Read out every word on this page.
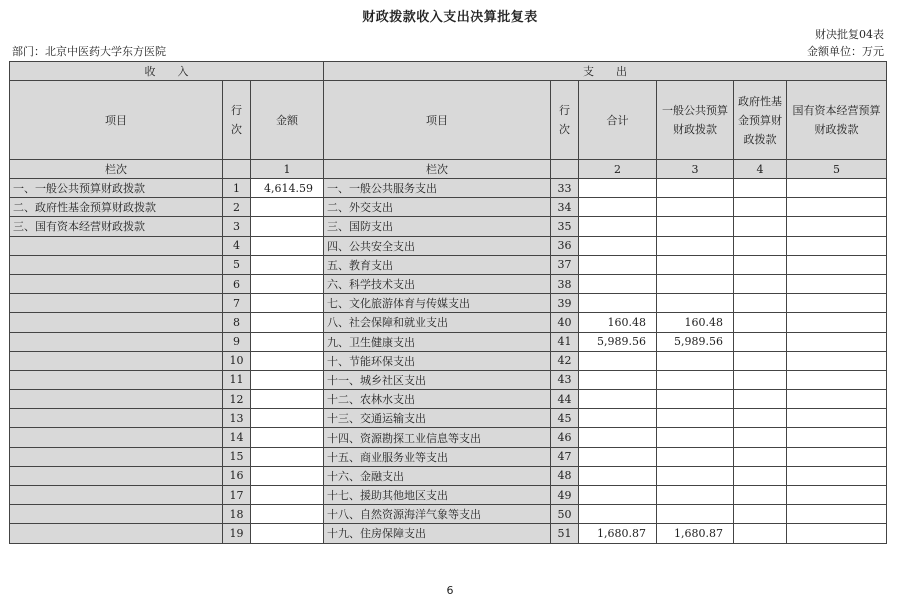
财政拨款收入支出决算批复表
财决批复04表
部门：北京中医药大学东方医院	金额单位：万元
收　　入			支　　出					
项目	行次	金额	项目	行次	合计	一般公共预算财政拨款	政府性基金预算财政拨款	国有资本经营预算财政拨款
栏次		1	栏次		2	3	4	5
一、一般公共预算财政拨款	1	4,614.59	一、一般公共服务支出	33				
二、政府性基金预算财政拨款	2		二、外交支出	34				
三、国有资本经营财政拨款	3		三、国防支出	35				
	4		四、公共安全支出	36				
	5		五、教育支出	37				
	6		六、科学技术支出	38				
	7		七、文化旅游体育与传媒支出	39				
	8		八、社会保障和就业支出	40	160.48	160.48		
	9		九、卫生健康支出	41	5,989.56	5,989.56		
	10		十、节能环保支出	42				
	11		十一、城乡社区支出	43				
	12		十二、农林水支出	44				
	13		十三、交通运输支出	45				
	14		十四、资源勘探工业信息等支出	46				
	15		十五、商业服务业等支出	47				
	16		十六、金融支出	48				
	17		十七、援助其他地区支出	49				
	18		十八、自然资源海洋气象等支出	50				
	19		十九、住房保障支出	51	1,680.87	1,680.87		
6
